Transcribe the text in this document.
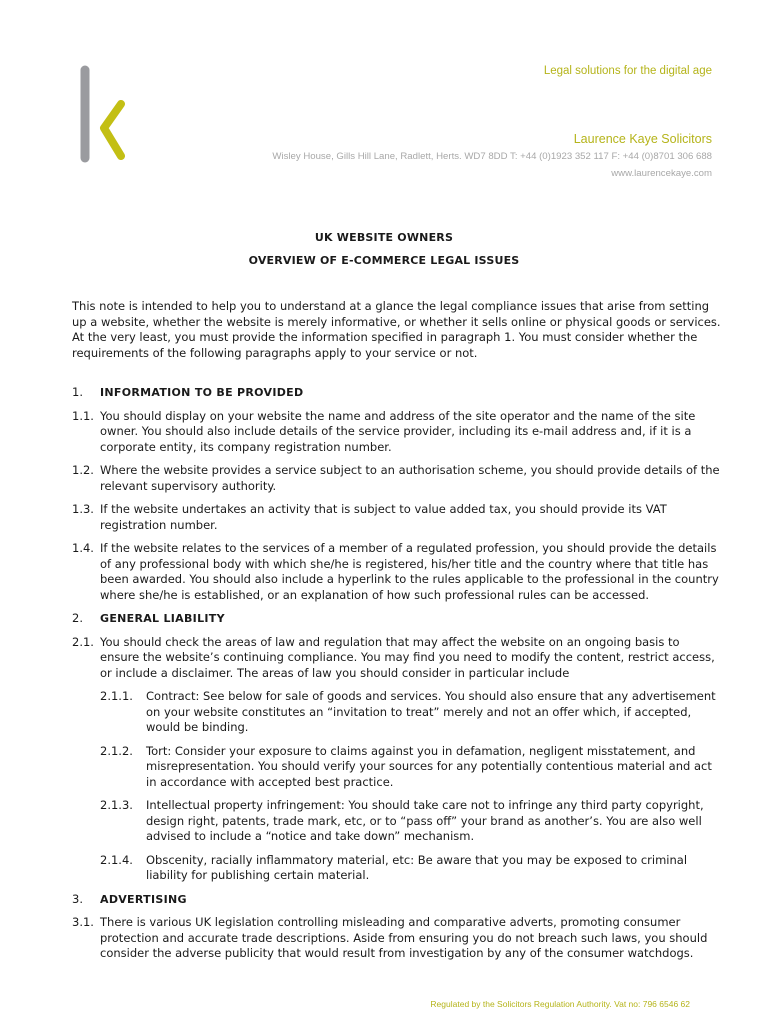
Legal solutions for the digital age
Laurence Kaye Solicitors
Wisley House, Gills Hill Lane, Radlett, Herts. WD7 8DD T: +44 (0)1923 352 117 F: +44 (0)8701 306 688
www.laurencekaye.com
UK WEBSITE OWNERS
OVERVIEW OF E-COMMERCE LEGAL ISSUES

This note is intended to help you to understand at a glance the legal compliance issues that arise from setting up a website, whether the website is merely informative, or whether it sells online or physical goods or services. At the very least, you must provide the information specified in paragraph 1. You must consider whether the requirements of the following paragraphs apply to your service or not.

1.	INFORMATION TO BE PROVIDED
1.1. You should display on your website the name and address of the site operator and the name of the site owner. You should also include details of the service provider, including its e-mail address and, if it is a corporate entity, its company registration number.
1.2. Where the website provides a service subject to an authorisation scheme, you should provide details of the relevant supervisory authority.
1.3. If the website undertakes an activity that is subject to value added tax, you should provide its VAT registration number.
1.4. If the website relates to the services of a member of a regulated profession, you should provide the details of any professional body with which she/he is registered, his/her title and the country where that title has been awarded. You should also include a hyperlink to the rules applicable to the professional in the country where she/he is established, or an explanation of how such professional rules can be accessed.
2.	GENERAL LIABILITY
2.1. You should check the areas of law and regulation that may affect the website on an ongoing basis to ensure the website’s continuing compliance. You may find you need to modify the content, restrict access, or include a disclaimer. The areas of law you should consider in particular include
2.1.1.	Contract: See below for sale of goods and services. You should also ensure that any advertisement on your website constitutes an “invitation to treat” merely and not an offer which, if accepted, would be binding.
2.1.2.	Tort: Consider your exposure to claims against you in defamation, negligent misstatement, and misrepresentation. You should verify your sources for any potentially contentious material and act in accordance with accepted best practice.
2.1.3.	Intellectual property infringement: You should take care not to infringe any third party copyright, design right, patents, trade mark, etc, or to “pass off” your brand as another’s. You are also well advised to include a “notice and take down” mechanism.
2.1.4.	Obscenity, racially inflammatory material, etc: Be aware that you may be exposed to criminal liability for publishing certain material.
3.	ADVERTISING
3.1. There is various UK legislation controlling misleading and comparative adverts, promoting consumer protection and accurate trade descriptions. Aside from ensuring you do not breach such laws, you should consider the adverse publicity that would result from investigation by any of the consumer watchdogs.
Regulated by the Solicitors Regulation Authority. Vat no: 796 6546 62
